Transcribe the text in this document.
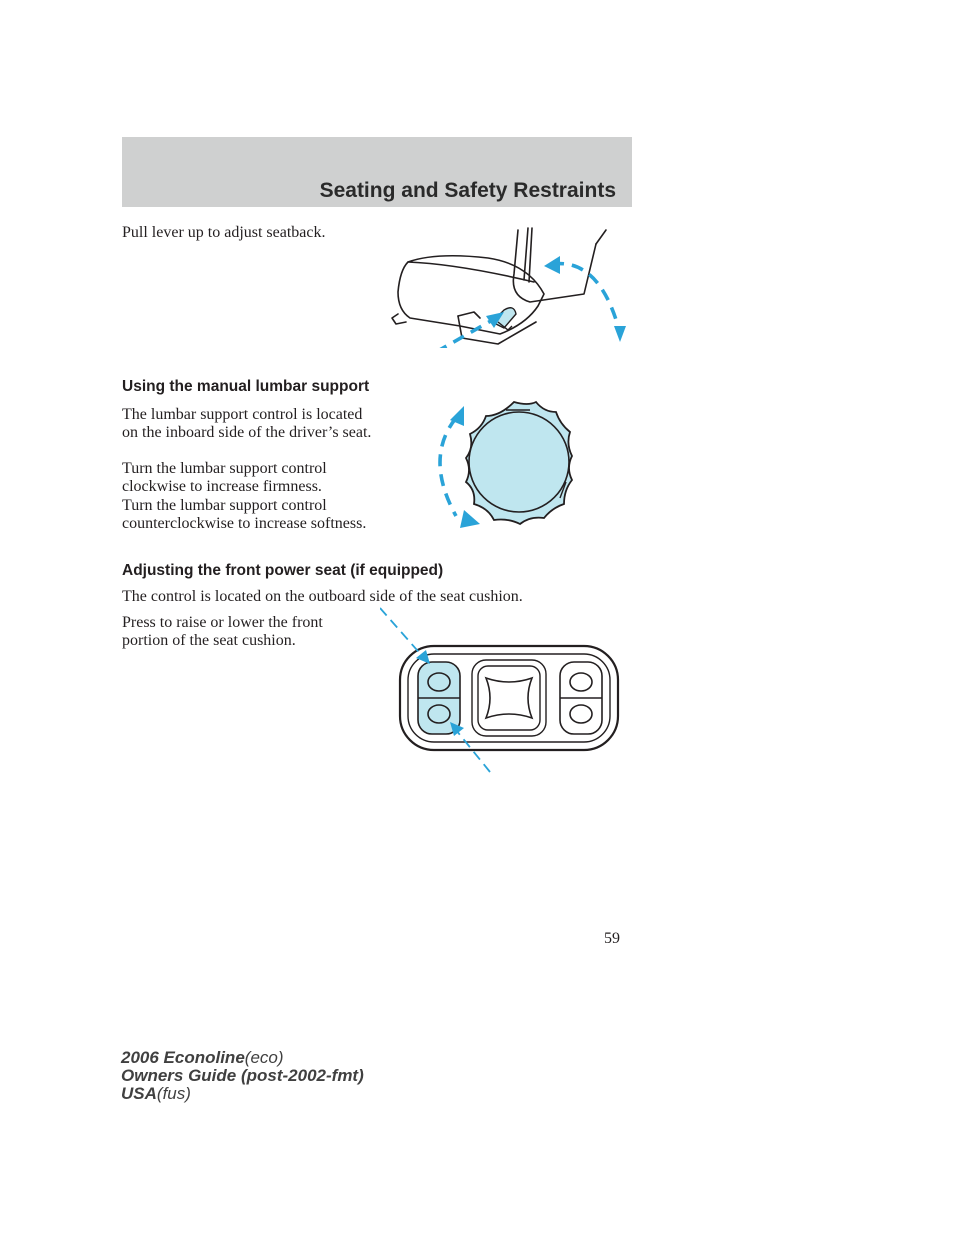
Seating and Safety Restraints

Pull lever up to adjust seatback.

Using the manual lumbar support

The lumbar support control is located on the inboard side of the driver’s seat.

Turn the lumbar support control clockwise to increase firmness.

Turn the lumbar support control counterclockwise to increase softness.

Adjusting the front power seat (if equipped)

The control is located on the outboard side of the seat cushion.

Press to raise or lower the front portion of the seat cushion.

59
2006 Econoline(eco)
Owners Guide (post-2002-fmt)
USA(fus)
